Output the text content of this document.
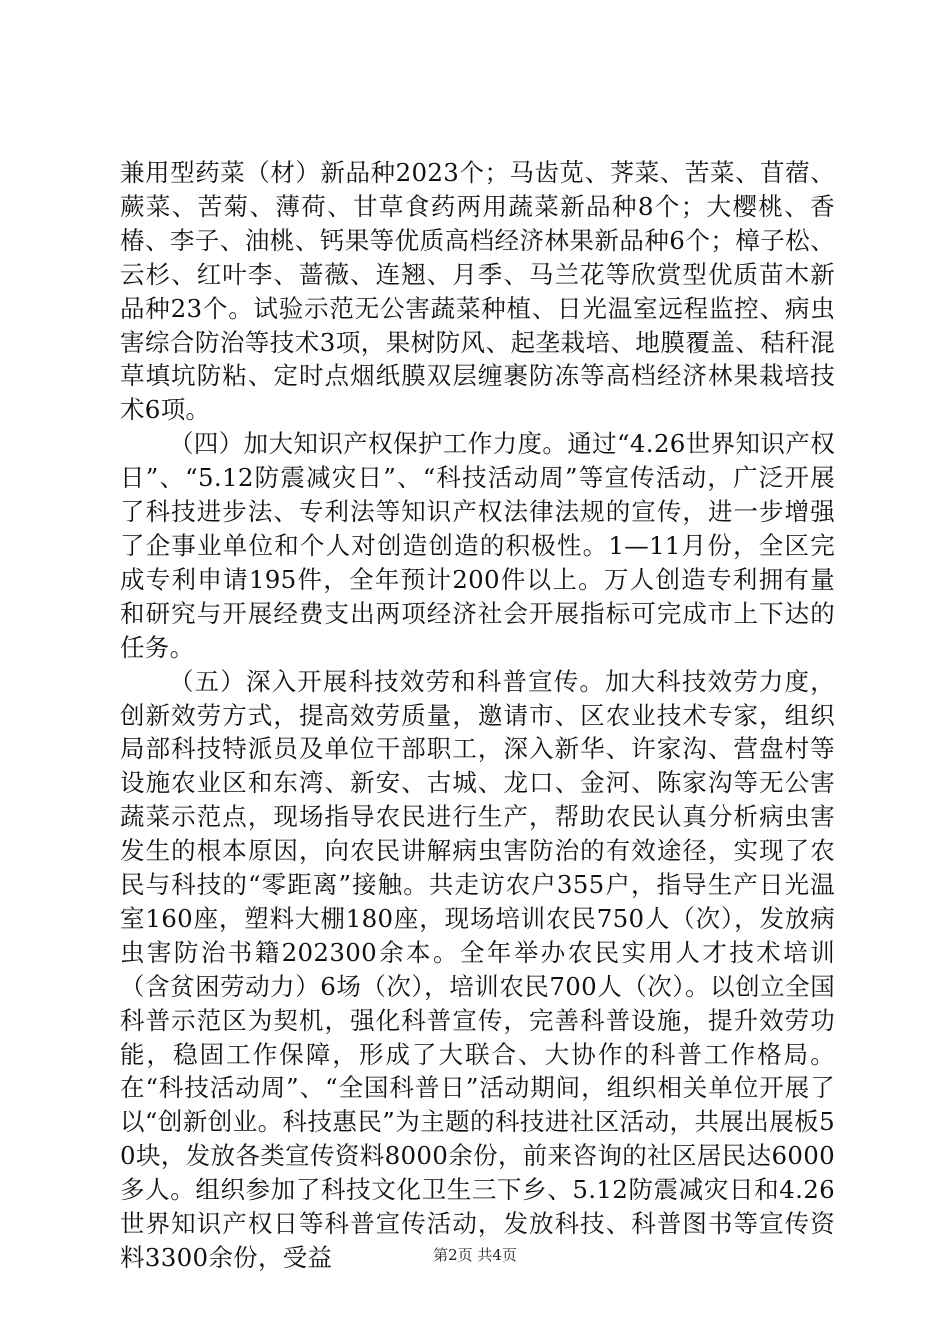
兼用型药菜（材）新品种2023个；马齿苋、荠菜、苦菜、苜蓿、蕨菜、苦菊、薄荷、甘草食药两用蔬菜新品种8个；大樱桃、香椿、李子、油桃、钙果等优质高档经济林果新品种6个；樟子松、云杉、红叶李、蔷薇、连翘、月季、马兰花等欣赏型优质苗木新品种23个。试验示范无公害蔬菜种植、日光温室远程监控、病虫害综合防治等技术3项，果树防风、起垄栽培、地膜覆盖、秸秆混草填坑防粘、定时点烟纸膜双层缠裹防冻等高档经济林果栽培技术6项。

（四）加大知识产权保护工作力度。通过“4.26世界知识产权日”、“5.12防震减灾日”、“科技活动周”等宣传活动，广泛开展了科技进步法、专利法等知识产权法律法规的宣传，进一步增强了企事业单位和个人对创造创造的积极性。1—11月份，全区完成专利申请195件，全年预计200件以上。万人创造专利拥有量和研究与开展经费支出两项经济社会开展指标可完成市上下达的任务。

（五）深入开展科技效劳和科普宣传。加大科技效劳力度，创新效劳方式，提高效劳质量，邀请市、区农业技术专家，组织局部科技特派员及单位干部职工，深入新华、许家沟、营盘村等设施农业区和东湾、新安、古城、龙口、金河、陈家沟等无公害蔬菜示范点，现场指导农民进行生产，帮助农民认真分析病虫害发生的根本原因，向农民讲解病虫害防治的有效途径，实现了农民与科技的“零距离”接触。共走访农户355户，指导生产日光温室160座，塑料大棚180座，现场培训农民750人（次），发放病虫害防治书籍202300余本。全年举办农民实用人才技术培训（含贫困劳动力）6场（次），培训农民700人（次）。以创立全国科普示范区为契机，强化科普宣传，完善科普设施，提升效劳功能，稳固工作保障，形成了大联合、大协作的科普工作格局。在“科技活动周”、“全国科普日”活动期间，组织相关单位开展了以“创新创业。科技惠民”为主题的科技进社区活动，共展出展板50块，发放各类宣传资料8000余份，前来咨询的社区居民达6000多人。组织参加了科技文化卫生三下乡、5.12防震减灾日和4.26世界知识产权日等科普宣传活动，发放科技、科普图书等宣传资料3300余份，受益	第2页 共4页
